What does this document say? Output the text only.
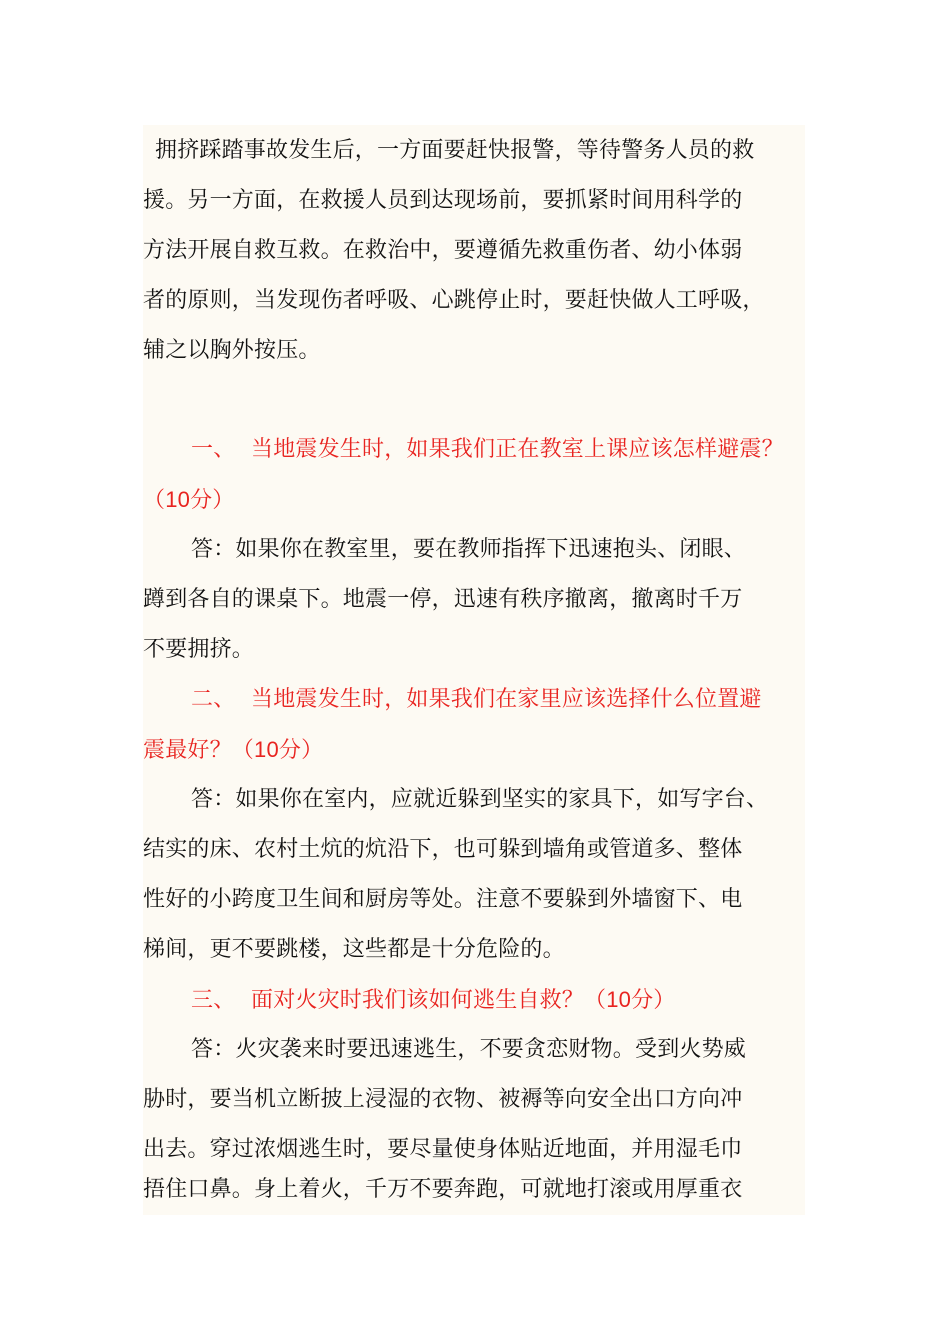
拥挤踩踏事故发生后，一方面要赶快报警，等待警务人员的救
援。另一方面，在救援人员到达现场前，要抓紧时间用科学的
方法开展自救互救。在救治中，要遵循先救重伤者、幼小体弱
者的原则，当发现伤者呼吸、心跳停止时，要赶快做人工呼吸，
辅之以胸外按压。
一、 当地震发生时，如果我们正在教室上课应该怎样避震？
（10分）
答：如果你在教室里，要在教师指挥下迅速抱头、闭眼、
蹲到各自的课桌下。地震一停，迅速有秩序撤离，撤离时千万
不要拥挤。
二、 当地震发生时，如果我们在家里应该选择什么位置避
震最好？（10分）
答：如果你在室内，应就近躲到坚实的家具下，如写字台、
结实的床、农村土炕的炕沿下，也可躲到墙角或管道多、整体
性好的小跨度卫生间和厨房等处。注意不要躲到外墙窗下、电
梯间，更不要跳楼，这些都是十分危险的。
三、 面对火灾时我们该如何逃生自救？（10分）
答：火灾袭来时要迅速逃生，不要贪恋财物。受到火势威
胁时，要当机立断披上浸湿的衣物、被褥等向安全出口方向冲
出去。穿过浓烟逃生时，要尽量使身体贴近地面，并用湿毛巾
捂住口鼻。身上着火，千万不要奔跑，可就地打滚或用厚重衣
